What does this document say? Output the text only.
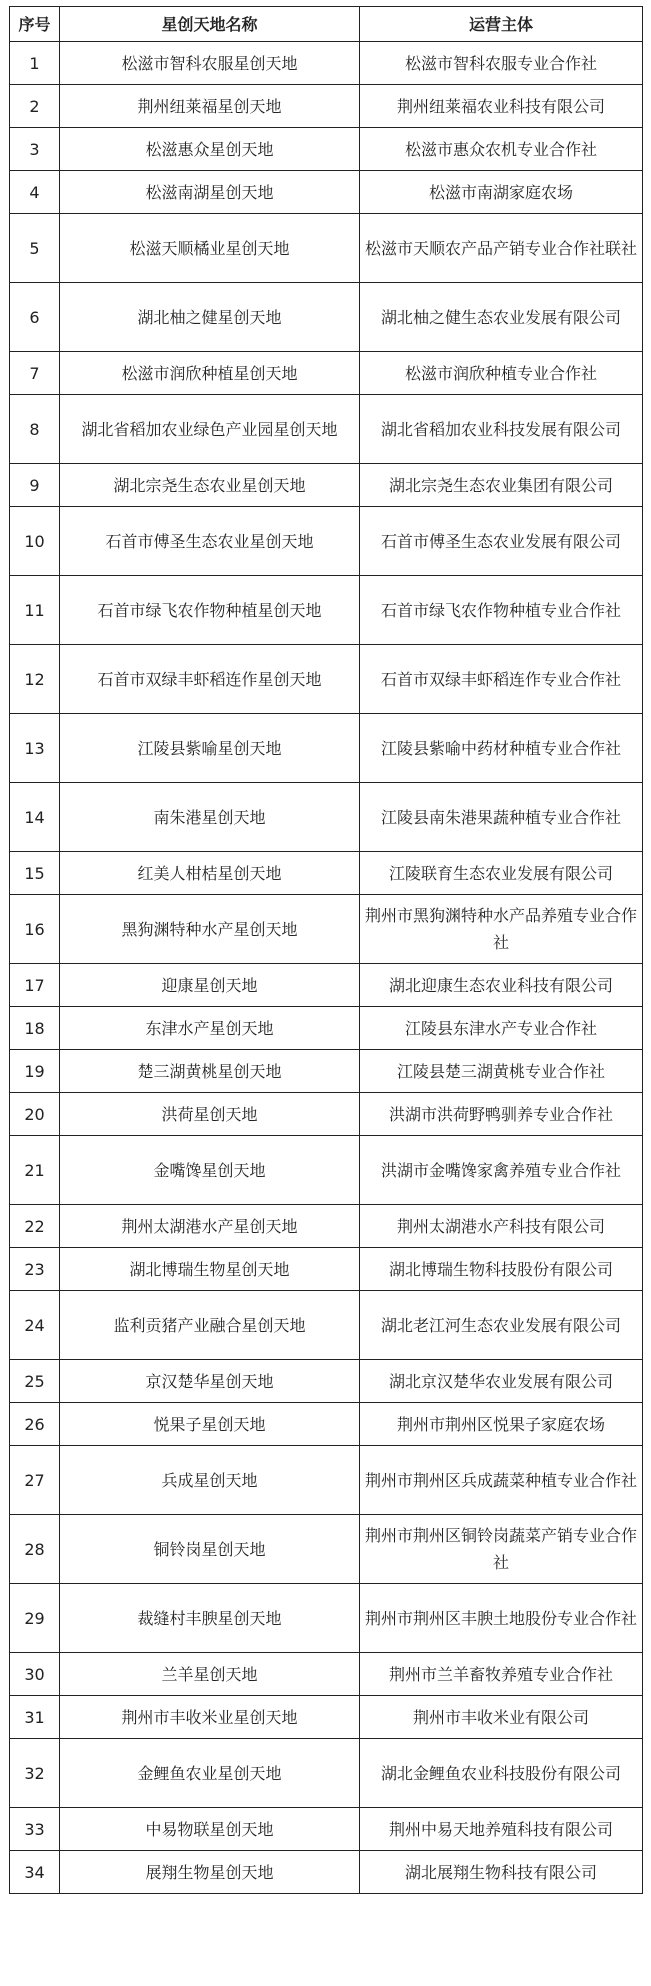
序号	星创天地名称	运营主体
1	松滋市智科农服星创天地	松滋市智科农服专业合作社
2	荆州纽莱福星创天地	荆州纽莱福农业科技有限公司
3	松滋惠众星创天地	松滋市惠众农机专业合作社
4	松滋南湖星创天地	松滋市南湖家庭农场
5	松滋天顺橘业星创天地	松滋市天顺农产品产销专业合作社联社
6	湖北柚之健星创天地	湖北柚之健生态农业发展有限公司
7	松滋市润欣种植星创天地	松滋市润欣种植专业合作社
8	湖北省稻加农业绿色产业园星创天地	湖北省稻加农业科技发展有限公司
9	湖北宗尧生态农业星创天地	湖北宗尧生态农业集团有限公司
10	石首市傅圣生态农业星创天地	石首市傅圣生态农业发展有限公司
11	石首市绿飞农作物种植星创天地	石首市绿飞农作物种植专业合作社
12	石首市双绿丰虾稻连作星创天地	石首市双绿丰虾稻连作专业合作社
13	江陵县紫喻星创天地	江陵县紫喻中药材种植专业合作社
14	南朱港星创天地	江陵县南朱港果蔬种植专业合作社
15	红美人柑桔星创天地	江陵联育生态农业发展有限公司
16	黑狗渊特种水产星创天地	荆州市黑狗渊特种水产品养殖专业合作社
17	迎康星创天地	湖北迎康生态农业科技有限公司
18	东津水产星创天地	江陵县东津水产专业合作社
19	楚三湖黄桃星创天地	江陵县楚三湖黄桃专业合作社
20	洪荷星创天地	洪湖市洪荷野鸭驯养专业合作社
21	金嘴馋星创天地	洪湖市金嘴馋家禽养殖专业合作社
22	荆州太湖港水产星创天地	荆州太湖港水产科技有限公司
23	湖北博瑞生物星创天地	湖北博瑞生物科技股份有限公司
24	监利贡猪产业融合星创天地	湖北老江河生态农业发展有限公司
25	京汉楚华星创天地	湖北京汉楚华农业发展有限公司
26	悦果子星创天地	荆州市荆州区悦果子家庭农场
27	兵成星创天地	荆州市荆州区兵成蔬菜种植专业合作社
28	铜铃岗星创天地	荆州市荆州区铜铃岗蔬菜产销专业合作社
29	裁缝村丰腴星创天地	荆州市荆州区丰腴土地股份专业合作社
30	兰羊星创天地	荆州市兰羊畜牧养殖专业合作社
31	荆州市丰收米业星创天地	荆州市丰收米业有限公司
32	金鲤鱼农业星创天地	湖北金鲤鱼农业科技股份有限公司
33	中易物联星创天地	荆州中易天地养殖科技有限公司
34	展翔生物星创天地	湖北展翔生物科技有限公司
